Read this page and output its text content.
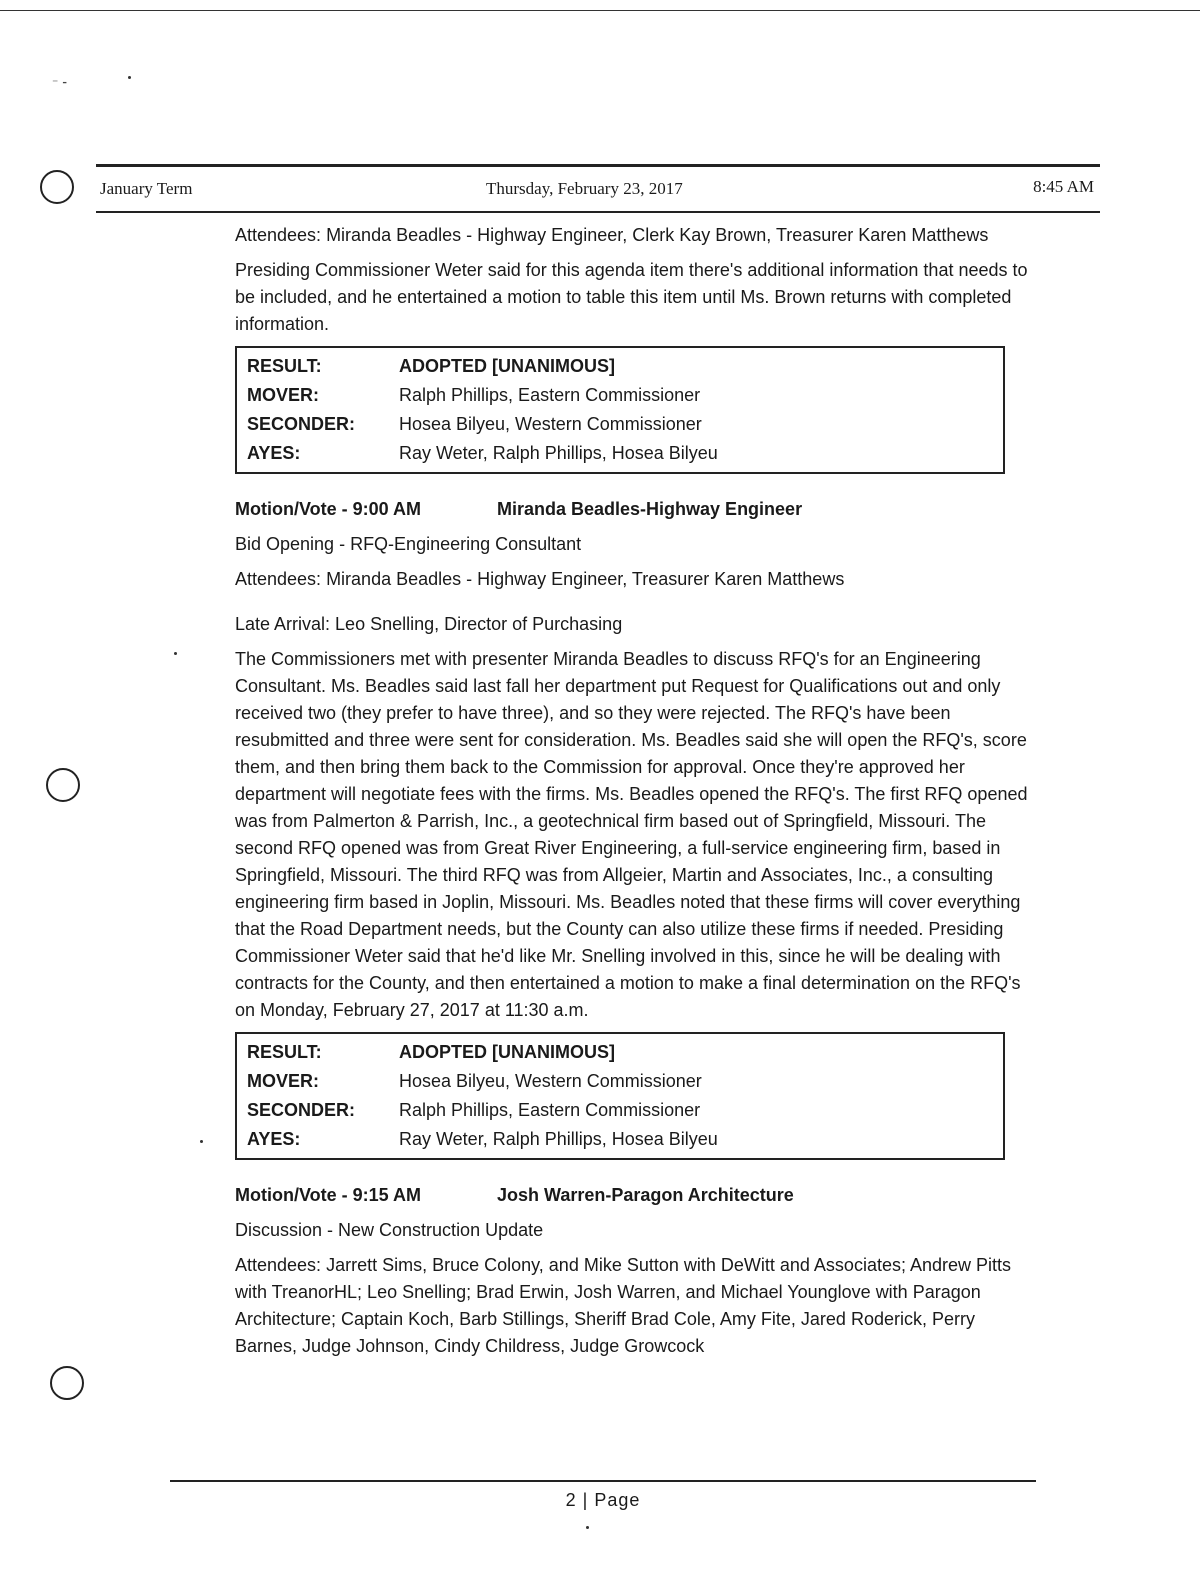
⁻ ⁃
January Term	Thursday, February 23, 2017	8:45 AM

Attendees: Miranda Beadles - Highway Engineer, Clerk Kay Brown, Treasurer Karen Matthews

Presiding Commissioner Weter said for this agenda item there's additional information that needs to be included, and he entertained a motion to table this item until Ms. Brown returns with completed information.

RESULT:	ADOPTED [UNANIMOUS]
MOVER:	Ralph Phillips, Eastern Commissioner
SECONDER:	Hosea Bilyeu, Western Commissioner
AYES:	Ray Weter, Ralph Phillips, Hosea Bilyeu

Motion/Vote - 9:00 AM	Miranda Beadles-Highway Engineer

Bid Opening - RFQ-Engineering Consultant

Attendees: Miranda Beadles - Highway Engineer, Treasurer Karen Matthews

Late Arrival: Leo Snelling, Director of Purchasing

The Commissioners met with presenter Miranda Beadles to discuss RFQ's for an Engineering Consultant. Ms. Beadles said last fall her department put Request for Qualifications out and only received two (they prefer to have three), and so they were rejected. The RFQ's have been resubmitted and three were sent for consideration. Ms. Beadles said she will open the RFQ's, score them, and then bring them back to the Commission for approval. Once they're approved her department will negotiate fees with the firms. Ms. Beadles opened the RFQ's. The first RFQ opened was from Palmerton & Parrish, Inc., a geotechnical firm based out of Springfield, Missouri. The second RFQ opened was from Great River Engineering, a full-service engineering firm, based in Springfield, Missouri. The third RFQ was from Allgeier, Martin and Associates, Inc., a consulting engineering firm based in Joplin, Missouri. Ms. Beadles noted that these firms will cover everything that the Road Department needs, but the County can also utilize these firms if needed. Presiding Commissioner Weter said that he'd like Mr. Snelling involved in this, since he will be dealing with contracts for the County, and then entertained a motion to make a final determination on the RFQ's on Monday, February 27, 2017 at 11:30 a.m.

RESULT:	ADOPTED [UNANIMOUS]
MOVER:	Hosea Bilyeu, Western Commissioner
SECONDER:	Ralph Phillips, Eastern Commissioner
AYES:	Ray Weter, Ralph Phillips, Hosea Bilyeu

Motion/Vote - 9:15 AM	Josh Warren-Paragon Architecture

Discussion - New Construction Update

Attendees: Jarrett Sims, Bruce Colony, and Mike Sutton with DeWitt and Associates; Andrew Pitts with TreanorHL; Leo Snelling; Brad Erwin, Josh Warren, and Michael Younglove with Paragon Architecture; Captain Koch, Barb Stillings, Sheriff Brad Cole, Amy Fite, Jared Roderick, Perry Barnes, Judge Johnson, Cindy Childress, Judge Growcock

2 | Page
